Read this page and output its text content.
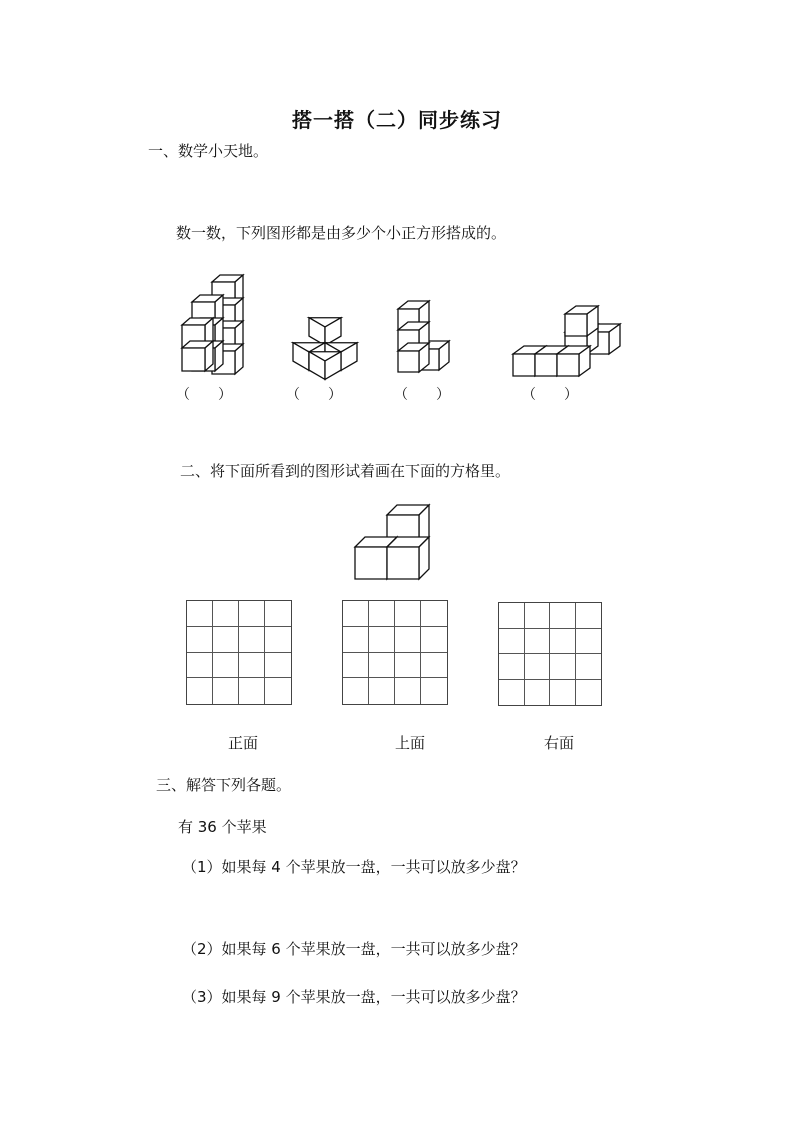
搭一搭（二）同步练习
一、数学小天地。
数一数，下列图形都是由多少个小正方形搭成的。
（　　）	（　　）	（　　）	（　　）
二、将下面所看到的图形试着画在下面的方格里。
正面	上面	右面
三、解答下列各题。
有 36 个苹果
（1）如果每 4 个苹果放一盘，一共可以放多少盘？
（2）如果每 6 个苹果放一盘，一共可以放多少盘？
（3）如果每 9 个苹果放一盘，一共可以放多少盘？
